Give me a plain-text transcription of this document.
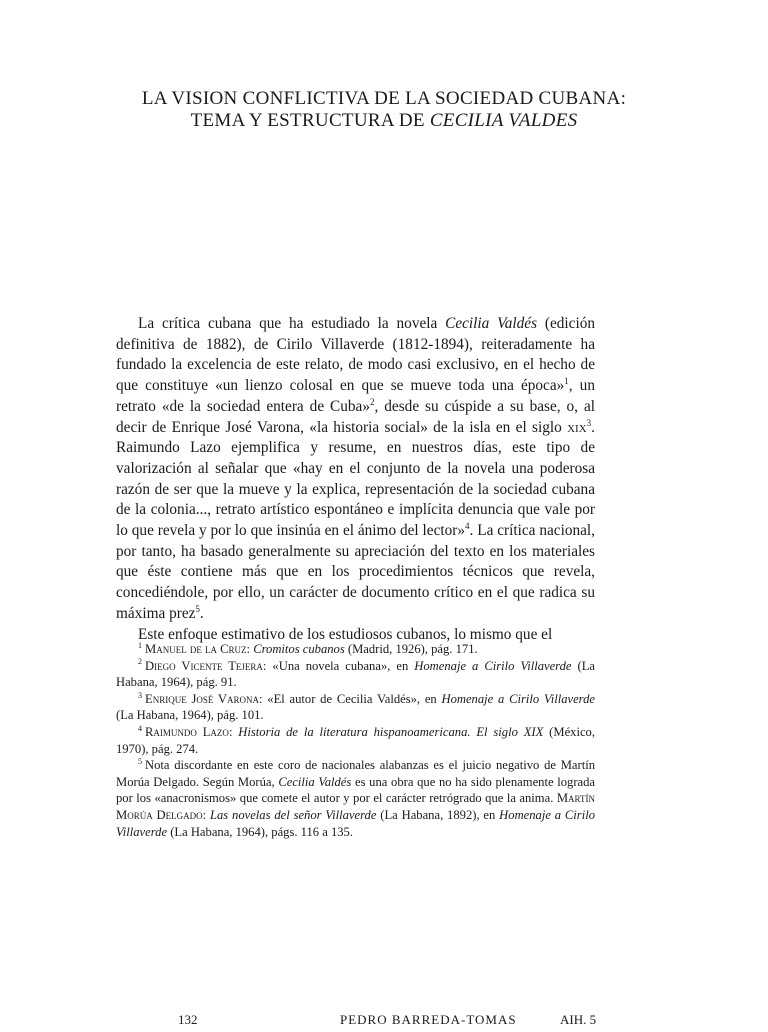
LA VISION CONFLICTIVA DE LA SOCIEDAD CUBANA:
TEMA Y ESTRUCTURA DE CECILIA VALDES

La crítica cubana que ha estudiado la novela Cecilia Valdés (edición definitiva de 1882), de Cirilo Villaverde (1812-1894), reiteradamente ha fundado la excelencia de este relato, de modo casi exclusivo, en el hecho de que constituye «un lienzo colosal en que se mueve toda una época»$^1$, un retrato «de la sociedad entera de Cuba»$^2$, desde su cúspide a su base, o, al decir de Enrique José Varona, «la historia social» de la isla en el siglo xix$^3$. Raimundo Lazo ejemplifica y resume, en nuestros días, este tipo de valorización al señalar que «hay en el conjunto de la novela una poderosa razón de ser que la mueve y la explica, representación de la sociedad cubana de la colonia..., retrato artístico espontáneo e implícita denuncia que vale por lo que revela y por lo que insinúa en el ánimo del lector»$^4$. La crítica nacional, por tanto, ha basado generalmente su apreciación del texto en los materiales que éste contiene más que en los procedimientos técnicos que revela, concediéndole, por ello, un carácter de documento crítico en el que radica su máxima prez$^5$.

Este enfoque estimativo de los estudiosos cubanos, lo mismo que el

$^1$ Manuel de la Cruz: Cromitos cubanos (Madrid, 1926), pág. 171.

$^2$ Diego Vicente Tejera: «Una novela cubana», en Homenaje a Cirilo Villaverde (La Habana, 1964), pág. 91.

$^3$ Enrique José Varona: «El autor de Cecilia Valdés», en Homenaje a Cirilo Villaverde (La Habana, 1964), pág. 101.

$^4$ Raimundo Lazo: Historia de la literatura hispanoamericana. El siglo XIX (México, 1970), pág. 274.

$^5$ Nota discordante en este coro de nacionales alabanzas es el juicio negativo de Martín Morúa Delgado. Según Morúa, Cecilia Valdés es una obra que no ha sido plenamente lograda por los «anacronismos» que comete el autor y por el carácter retrógrado que la anima. Martín Morúa Delgado: Las novelas del señor Villaverde (La Habana, 1892), en Homenaje a Cirilo Villaverde (La Habana, 1964), págs. 116 a 135.

132	PEDRO BARREDA-TOMAS	AIH. 5
